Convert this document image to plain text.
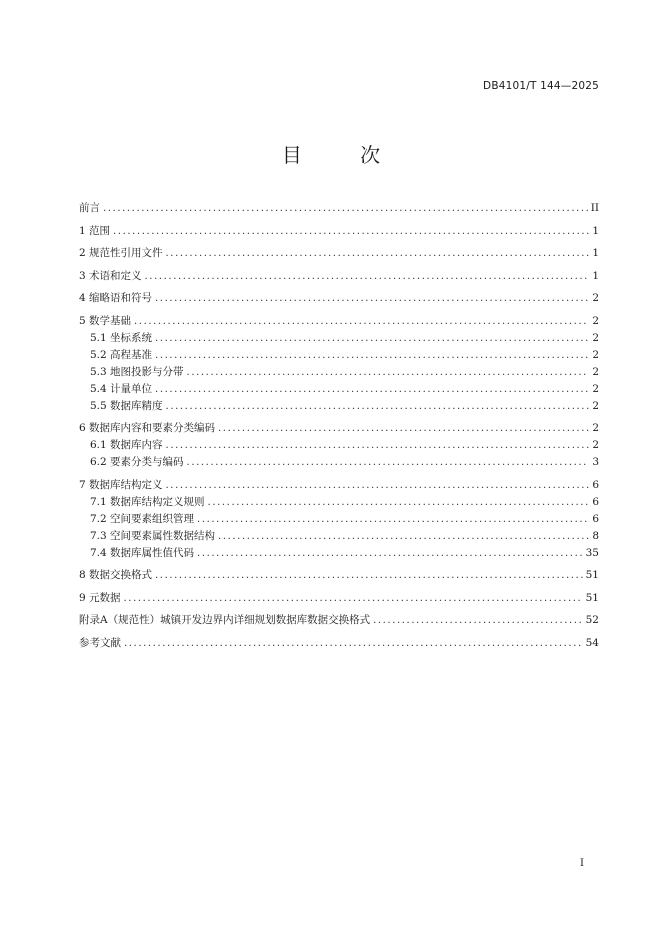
DB4101/T 144—2025
目 次
前言 .....	II
1 范围 .....	1
2 规范性引用文件 .....	1
3 术语和定义 .....	1
4 缩略语和符号 .....	2
5 数学基础 .....	2
5.1 坐标系统 .....	2
5.2 高程基准 .....	2
5.3 地图投影与分带 .....	2
5.4 计量单位 .....	2
5.5 数据库精度 .....	2
6 数据库内容和要素分类编码 .....	2
6.1 数据库内容 .....	2
6.2 要素分类与编码 .....	3
7 数据库结构定义 .....	6
7.1 数据库结构定义规则 .....	6
7.2 空间要素组织管理 .....	6
7.3 空间要素属性数据结构 .....	8
7.4 数据库属性值代码 .....	35
8 数据交换格式 .....	51
9 元数据 .....	51
附录A（规范性）城镇开发边界内详细规划数据库数据交换格式 .....	52
参考文献 .....	54
I
